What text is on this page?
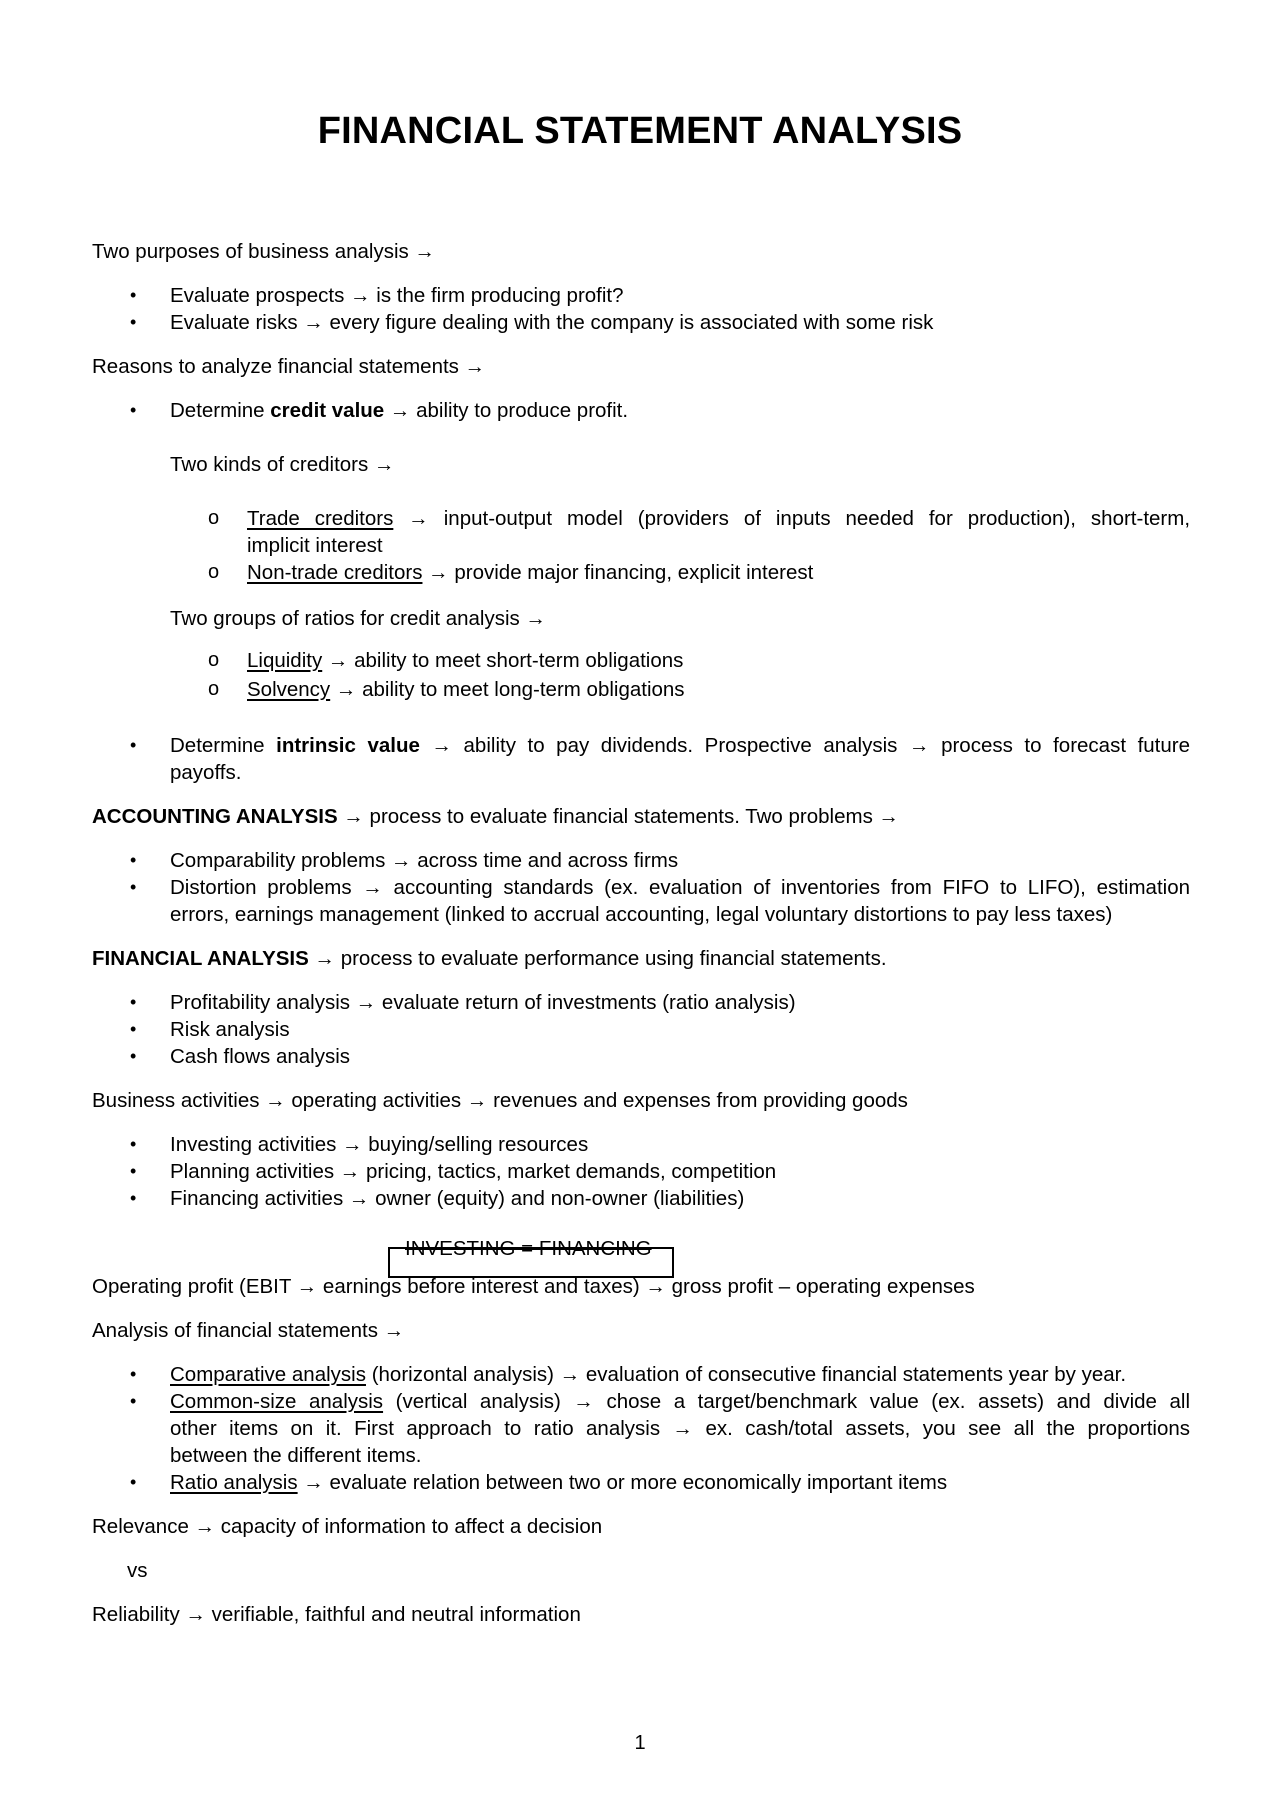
FINANCIAL STATEMENT ANALYSIS
Two purposes of business analysis →
• Evaluate prospects → is the firm producing profit?
• Evaluate risks → every figure dealing with the company is associated with some risk
Reasons to analyze financial statements →
• Determine credit value → ability to produce profit.
Two kinds of creditors →
o Trade creditors → input-output model (providers of inputs needed for production), short-term,
implicit interest
o Non-trade creditors → provide major financing, explicit interest
Two groups of ratios for credit analysis →
o Liquidity → ability to meet short-term obligations
o Solvency → ability to meet long-term obligations
• Determine intrinsic value → ability to pay dividends. Prospective analysis → process to forecast future
payoffs.
ACCOUNTING ANALYSIS → process to evaluate financial statements. Two problems →
• Comparability problems → across time and across firms
• Distortion problems → accounting standards (ex. evaluation of inventories from FIFO to LIFO), estimation
errors, earnings management (linked to accrual accounting, legal voluntary distortions to pay less taxes)
FINANCIAL ANALYSIS → process to evaluate performance using financial statements.
• Profitability analysis → evaluate return of investments (ratio analysis)
• Risk analysis
• Cash flows analysis
Business activities → operating activities → revenues and expenses from providing goods
• Investing activities → buying/selling resources
• Planning activities → pricing, tactics, market demands, competition
• Financing activities → owner (equity) and non-owner (liabilities)
INVESTING = FINANCING
Operating profit (EBIT → earnings before interest and taxes) → gross profit – operating expenses
Analysis of financial statements →
• Comparative analysis (horizontal analysis) → evaluation of consecutive financial statements year by year.
• Common-size analysis (vertical analysis) → chose a target/benchmark value (ex. assets) and divide all
other items on it. First approach to ratio analysis → ex. cash/total assets, you see all the proportions
between the different items.
• Ratio analysis → evaluate relation between two or more economically important items
Relevance → capacity of information to affect a decision
vs
Reliability → verifiable, faithful and neutral information
1
